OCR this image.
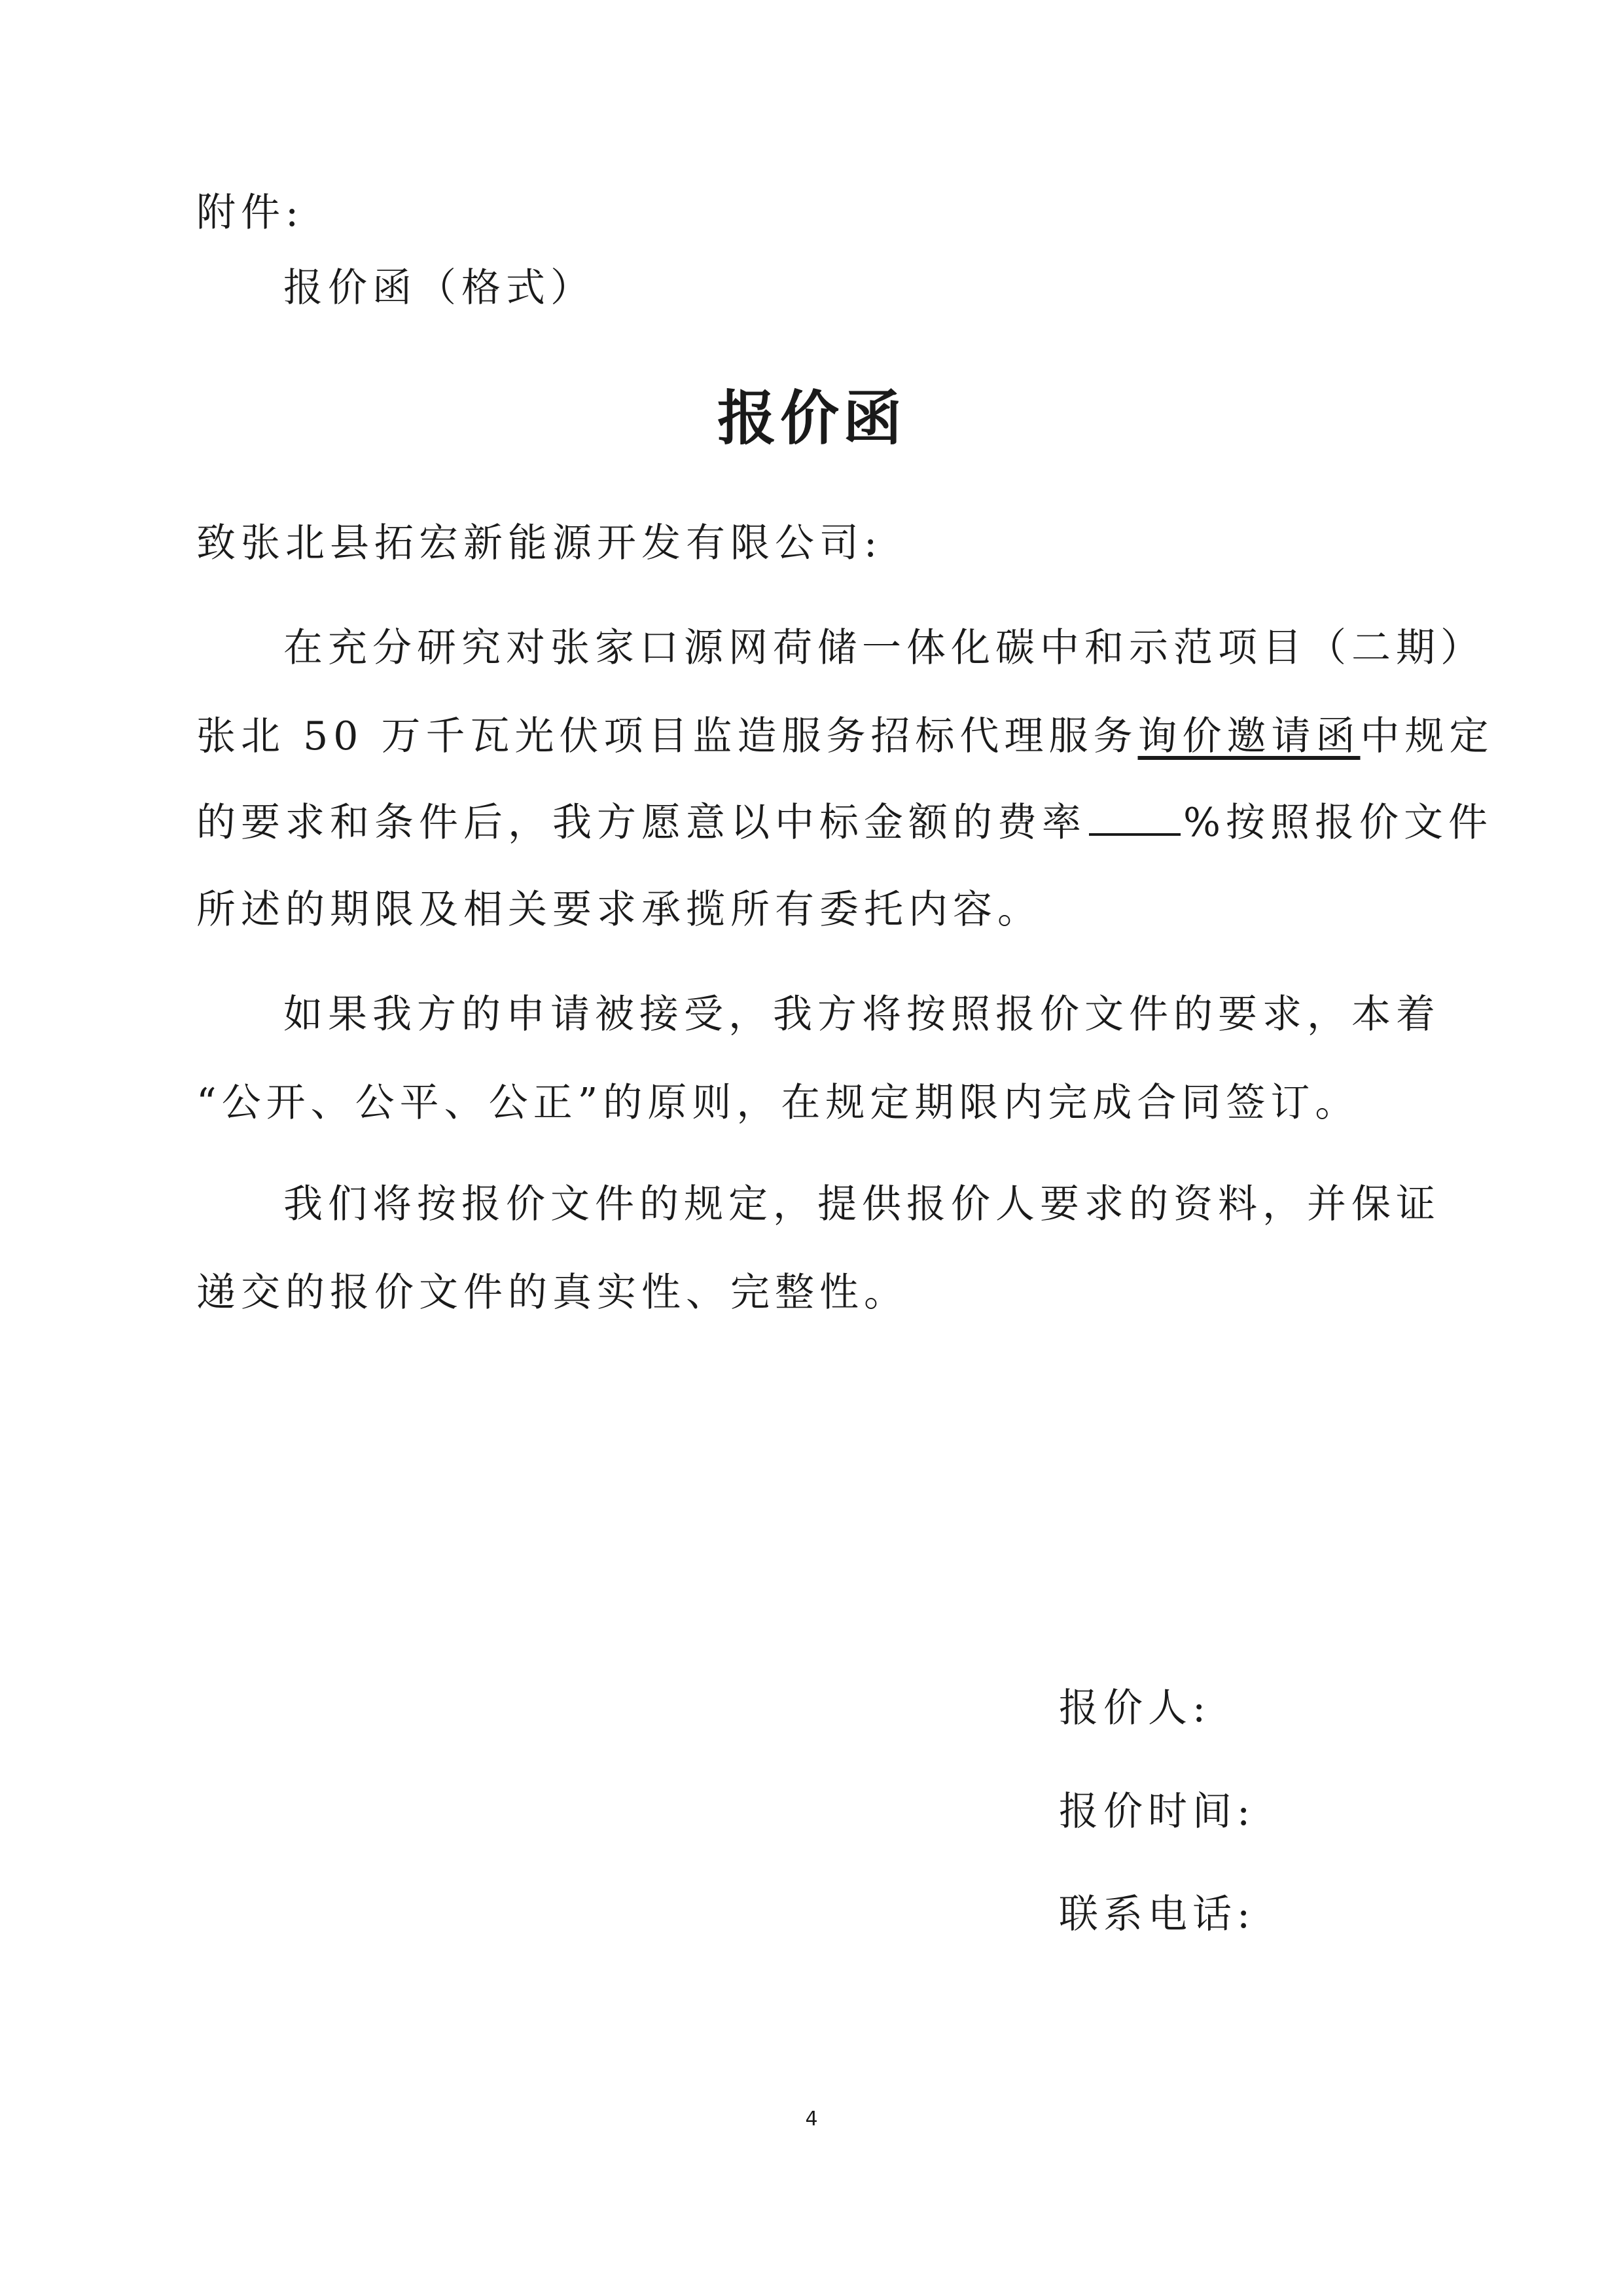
附件:
报价函（格式）
报价函
致张北县拓宏新能源开发有限公司:
在充分研究对张家口源网荷储一体化碳中和示范项目（二期）
张北 50 万千瓦光伏项目监造服务招标代理服务询价邀请函中规定
的要求和条件后，我方愿意以中标金额的费率 %按照报价文件
所述的期限及相关要求承揽所有委托内容。
如果我方的申请被接受，我方将按照报价文件的要求，本着
“公开、公平、公正”的原则，在规定期限内完成合同签订。
我们将按报价文件的规定，提供报价人要求的资料，并保证
递交的报价文件的真实性、完整性。
报价人:
报价时间:
联系电话:
4
